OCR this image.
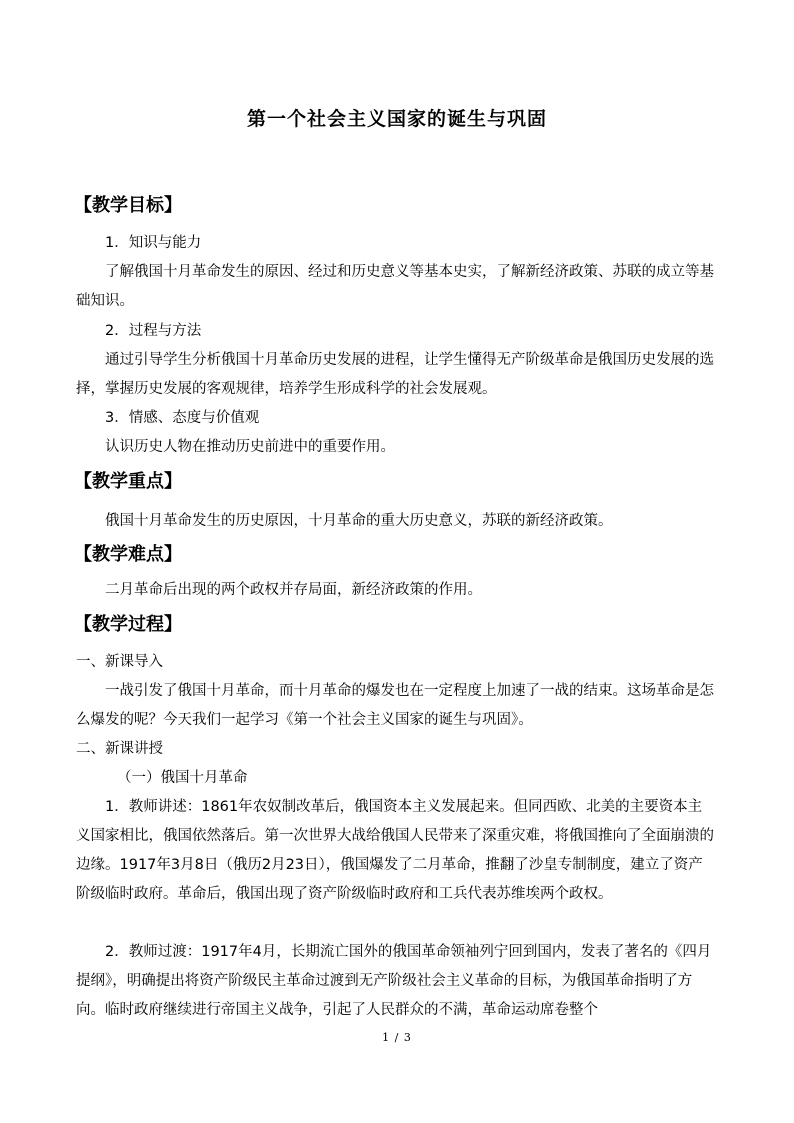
第一个社会主义国家的诞生与巩固
【教学目标】
1．知识与能力
了解俄国十月革命发生的原因、经过和历史意义等基本史实，了解新经济政策、苏联的成立等基础知识。
2．过程与方法
通过引导学生分析俄国十月革命历史发展的进程，让学生懂得无产阶级革命是俄国历史发展的选择，掌握历史发展的客观规律，培养学生形成科学的社会发展观。
3．情感、态度与价值观
认识历史人物在推动历史前进中的重要作用。
【教学重点】
俄国十月革命发生的历史原因，十月革命的重大历史意义，苏联的新经济政策。
【教学难点】
二月革命后出现的两个政权并存局面，新经济政策的作用。
【教学过程】
一、新课导入
一战引发了俄国十月革命，而十月革命的爆发也在一定程度上加速了一战的结束。这场革命是怎么爆发的呢？今天我们一起学习《第一个社会主义国家的诞生与巩固》。
二、新课讲授
（一）俄国十月革命
1．教师讲述：1861年农奴制改革后，俄国资本主义发展起来。但同西欧、北美的主要资本主义国家相比，俄国依然落后。第一次世界大战给俄国人民带来了深重灾难，将俄国推向了全面崩溃的边缘。1917年3月8日（俄历2月23日），俄国爆发了二月革命，推翻了沙皇专制制度，建立了资产阶级临时政府。革命后，俄国出现了资产阶级临时政府和工兵代表苏维埃两个政权。
2．教师过渡：1917年4月，长期流亡国外的俄国革命领袖列宁回到国内，发表了著名的《四月提纲》，明确提出将资产阶级民主革命过渡到无产阶级社会主义革命的目标，为俄国革命指明了方向。临时政府继续进行帝国主义战争，引起了人民群众的不满，革命运动席卷整个
1 / 3
